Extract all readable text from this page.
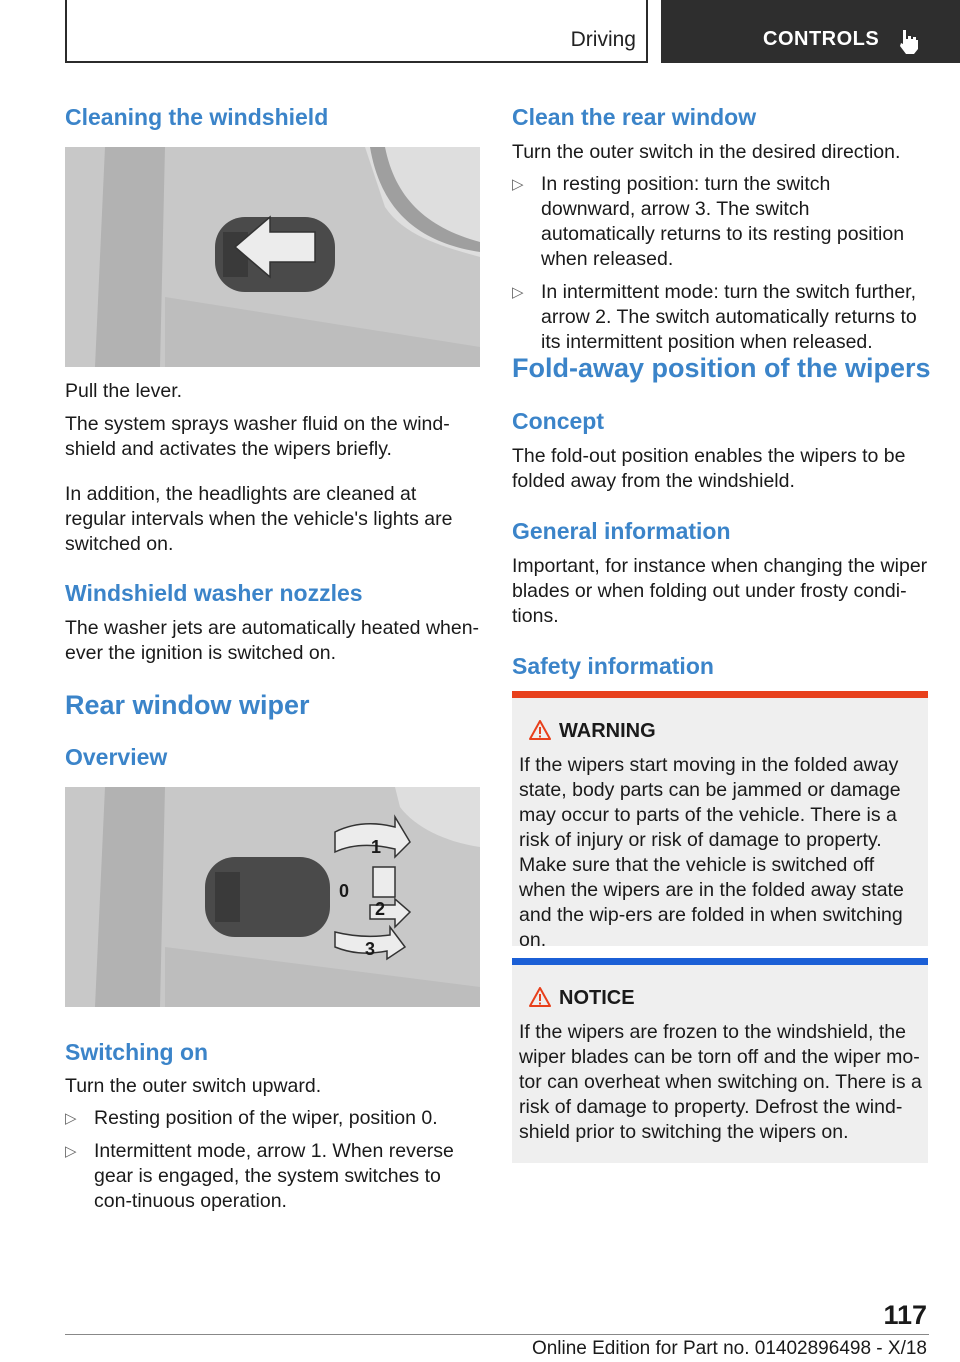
Driving	CONTROLS
Cleaning the windshield

Pull the lever.

The system sprays washer fluid on the wind-shield and activates the wipers briefly.

In addition, the headlights are cleaned at regular intervals when the vehicle's lights are switched on.

Windshield washer nozzles

The washer jets are automatically heated when-ever the ignition is switched on.

Rear window wiper
Overview
1
0
2
3
Switching on

Turn the outer switch upward.

▷ Resting position of the wiper, position 0.
▷ Intermittent mode, arrow 1. When reverse gear is engaged, the system switches to con-tinuous operation.
Clean the rear window

Turn the outer switch in the desired direction.

▷ In resting position: turn the switch downward, arrow 3. The switch automatically returns to its resting position when released.
▷ In intermittent mode: turn the switch further, arrow 2. The switch automatically returns to its intermittent position when released.
Fold-away position of the wipers
Concept

The fold-out position enables the wipers to be folded away from the windshield.

General information

Important, for instance when changing the wiper blades or when folding out under frosty condi-tions.

Safety information
WARNING
If the wipers start moving in the folded away state, body parts can be jammed or damage may occur to parts of the vehicle. There is a risk of injury or risk of damage to property. Make sure that the vehicle is switched off when the wipers are in the folded away state and the wip-ers are folded in when switching on.
NOTICE
If the wipers are frozen to the windshield, the wiper blades can be torn off and the wiper mo-tor can overheat when switching on. There is a risk of damage to property. Defrost the wind-shield prior to switching the wipers on.
117
Online Edition for Part no. 01402896498 - X/18
